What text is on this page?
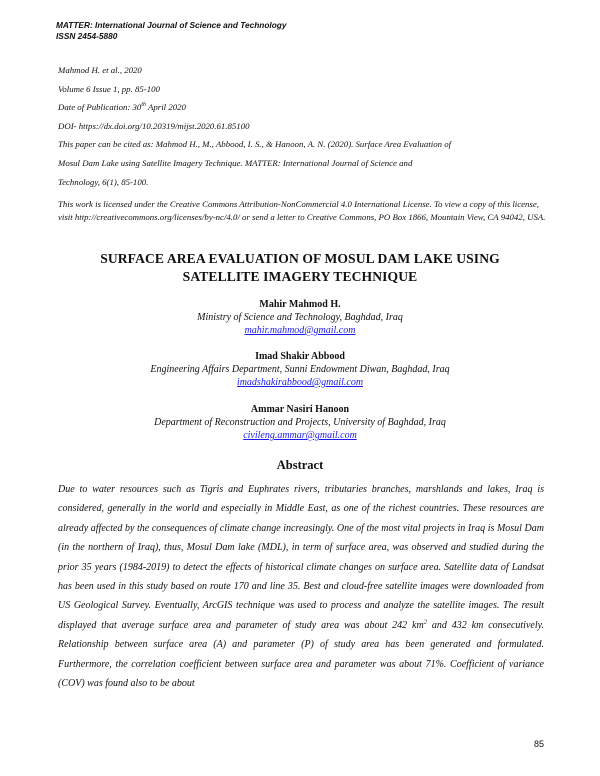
MATTER: International Journal of Science and Technology
ISSN 2454-5880
Mahmod H. et al., 2020
Volume 6 Issue 1, pp. 85-100
Date of Publication: 30th April 2020
DOI- https://dx.doi.org/10.20319/mijst.2020.61.85100
This paper can be cited as: Mahmod H., M., Abbood, I. S., & Hanoon, A. N. (2020). Surface Area Evaluation of
Mosul Dam Lake using Satellite Imagery Technique. MATTER: International Journal of Science and
Technology, 6(1), 85-100.
This work is licensed under the Creative Commons Attribution-NonCommercial 4.0 International License. To view a copy of this license, visit http://creativecommons.org/licenses/by-nc/4.0/ or send a letter to Creative Commons, PO Box 1866, Mountain View, CA 94042, USA.
SURFACE AREA EVALUATION OF MOSUL DAM LAKE USING
SATELLITE IMAGERY TECHNIQUE
Mahir Mahmod H.
Ministry of Science and Technology, Baghdad, Iraq
mahir.mahmod@gmail.com
Imad Shakir Abbood
Engineering Affairs Department, Sunni Endowment Diwan, Baghdad, Iraq
imadshakirabbood@gmail.com
Ammar Nasiri Hanoon
Department of Reconstruction and Projects, University of Baghdad, Iraq
civileng.ammar@gmail.com
Abstract
Due to water resources such as Tigris and Euphrates rivers, tributaries branches, marshlands and lakes, Iraq is considered, generally in the world and especially in Middle East, as one of the richest countries. These resources are already affected by the consequences of climate change increasingly. One of the most vital projects in Iraq is Mosul Dam (in the northern of Iraq), thus, Mosul Dam lake (MDL), in term of surface area, was observed and studied during the prior 35 years (1984-2019) to detect the effects of historical climate changes on surface area. Satellite data of Landsat has been used in this study based on route 170 and line 35. Best and cloud-free satellite images were downloaded from US Geological Survey. Eventually, ArcGIS technique was used to process and analyze the satellite images. The result displayed that average surface area and parameter of study area was about 242 $km^2$ and 432 km consecutively. Relationship between surface area (A) and parameter (P) of study area has been generated and formulated. Furthermore, the correlation coefficient between surface area and parameter was about 71%. Coefficient of variance (COV) was found also to be about
85
